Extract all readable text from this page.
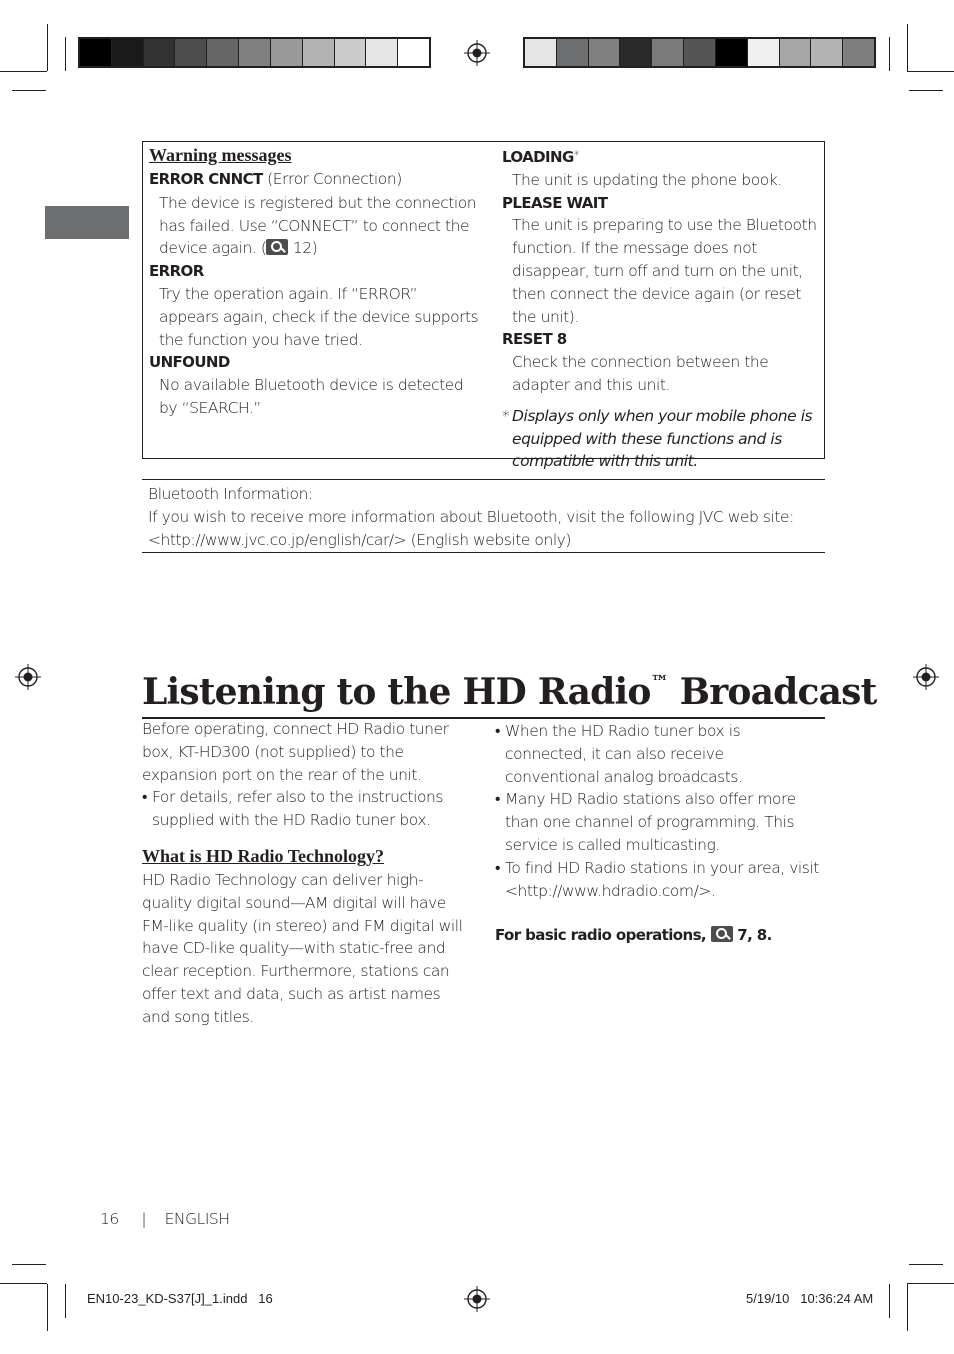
Warning messages
ERROR CNNCT (Error Connection)
The device is registered but the connection has failed. Use “CONNECT” to connect the device again. ( 12)
ERROR
Try the operation again. If “ERROR” appears again, check if the device supports the function you have tried.
UNFOUND
No available Bluetooth device is detected by “SEARCH.”
LOADING*
The unit is updating the phone book.
PLEASE WAIT
The unit is preparing to use the Bluetooth function. If the message does not disappear, turn off and turn on the unit, then connect the device again (or reset the unit).
RESET 8
Check the connection between the adapter and this unit.
* Displays only when your mobile phone is equipped with these functions and is compatible with this unit.
Bluetooth Information:
If you wish to receive more information about Bluetooth, visit the following JVC web site:
<http://www.jvc.co.jp/english/car/> (English website only)
Listening to the HD Radio™ Broadcast
Before operating, connect HD Radio tuner box, KT-HD300 (not supplied) to the expansion port on the rear of the unit.
• For details, refer also to the instructions supplied with the HD Radio tuner box.
What is HD Radio Technology?
HD Radio Technology can deliver high-quality digital sound—AM digital will have FM-like quality (in stereo) and FM digital will have CD-like quality—with static-free and clear reception. Furthermore, stations can offer text and data, such as artist names and song titles.
• When the HD Radio tuner box is connected, it can also receive conventional analog broadcasts.
• Many HD Radio stations also offer more than one channel of programming. This service is called multicasting.
• To find HD Radio stations in your area, visit <http://www.hdradio.com/>.
For basic radio operations,  7, 8.
16 | ENGLISH
EN10-23_KD-S37[J]_1.indd   16	5/19/10   10:36:24 AM
